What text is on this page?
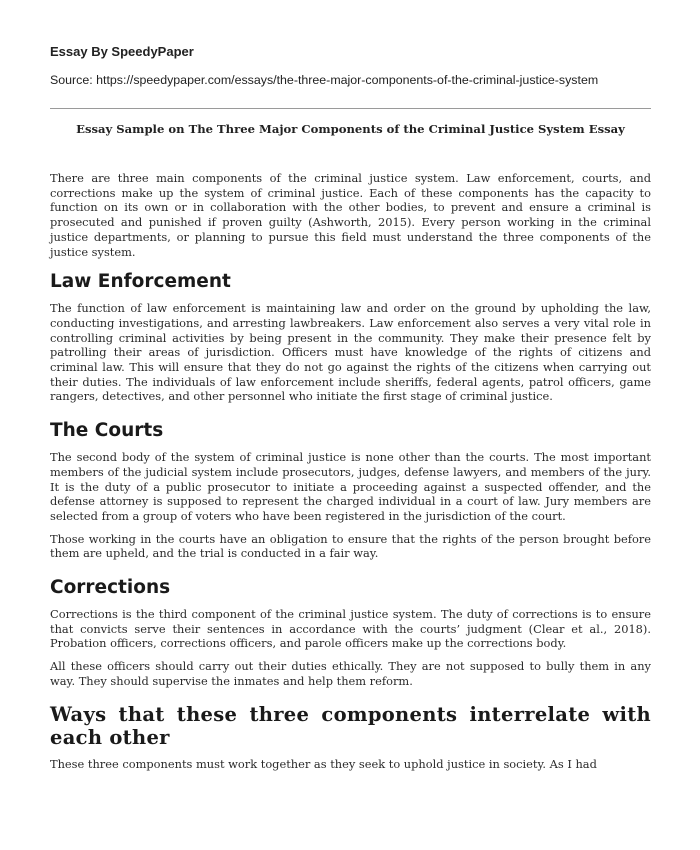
Essay By SpeedyPaper
Source: https://speedypaper.com/essays/the-three-major-components-of-the-criminal-justice-system
Essay Sample on The Three Major Components of the Criminal Justice System Essay

There are three main components of the criminal justice system. Law enforcement, courts, and corrections make up the system of criminal justice. Each of these components has the capacity to function on its own or in collaboration with the other bodies, to prevent and ensure a criminal is prosecuted and punished if proven guilty (Ashworth, 2015). Every person working in the criminal justice departments, or planning to pursue this field must understand the three components of the justice system.

Law Enforcement

The function of law enforcement is maintaining law and order on the ground by upholding the law, conducting investigations, and arresting lawbreakers. Law enforcement also serves a very vital role in controlling criminal activities by being present in the community. They make their presence felt by patrolling their areas of jurisdiction. Officers must have knowledge of the rights of citizens and criminal law. This will ensure that they do not go against the rights of the citizens when carrying out their duties. The individuals of law enforcement include sheriffs, federal agents, patrol officers, game rangers, detectives, and other personnel who initiate the first stage of criminal justice.

The Courts

The second body of the system of criminal justice is none other than the courts. The most important members of the judicial system include prosecutors, judges, defense lawyers, and members of the jury. It is the duty of a public prosecutor to initiate a proceeding against a suspected offender, and the defense attorney is supposed to represent the charged individual in a court of law. Jury members are selected from a group of voters who have been registered in the jurisdiction of the court.

Those working in the courts have an obligation to ensure that the rights of the person brought before them are upheld, and the trial is conducted in a fair way.

Corrections

Corrections is the third component of the criminal justice system. The duty of corrections is to ensure that convicts serve their sentences in accordance with the courts’ judgment (Clear et al., 2018). Probation officers, corrections officers, and parole officers make up the corrections body.

All these officers should carry out their duties ethically. They are not supposed to bully them in any way. They should supervise the inmates and help them reform.

Ways that these three components interrelate with each other

These three components must work together as they seek to uphold justice in society. As I had
